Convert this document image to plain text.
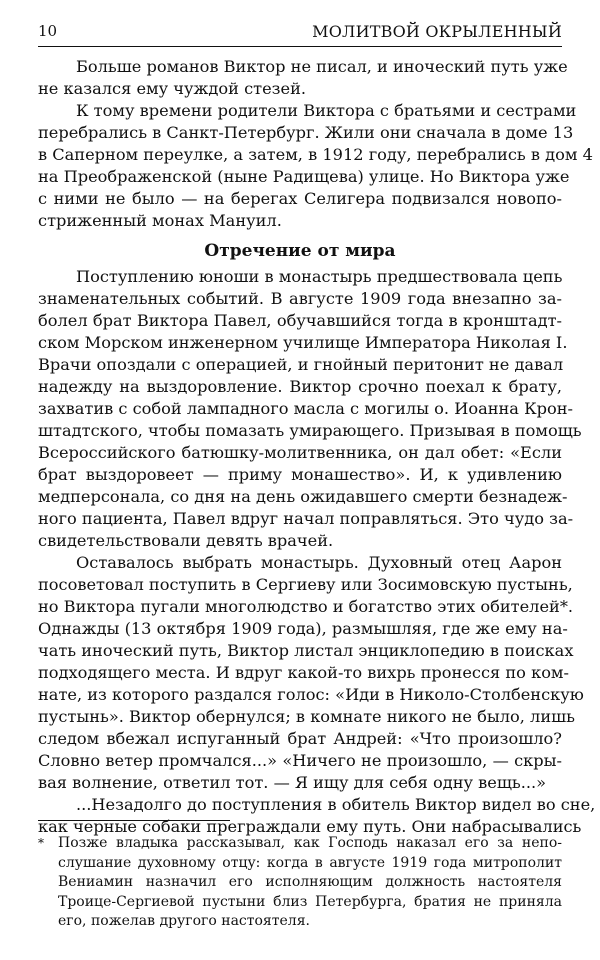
10	МОЛИТВОЙ ОКРЫЛЕННЫЙ
Больше романов Виктор не писал, и иноческий путь уже
не казался ему чуждой стезей.
К тому времени родители Виктора с братьями и сестрами
перебрались в Санкт-Петербург. Жили они сначала в доме 13
в Саперном переулке, а затем, в 1912 году, перебрались в дом 4
на Преображенской (ныне Радищева) улице. Но Виктора уже
с ними не было — на берегах Селигера подвизался новопо-
стриженный монах Мануил.
Отречение от мира
Поступлению юноши в монастырь предшествовала цепь
знаменательных событий. В августе 1909 года внезапно за-
болел брат Виктора Павел, обучавшийся тогда в кронштадт-
ском Морском инженерном училище Императора Николая I.
Врачи опоздали с операцией, и гнойный перитонит не давал
надежду на выздоровление. Виктор срочно поехал к брату,
захватив с собой лампадного масла с могилы о. Иоанна Крон-
штадтского, чтобы помазать умирающего. Призывая в помощь
Всероссийского батюшку-молитвенника, он дал обет: «Если
брат выздоровеет — приму монашество». И, к удивлению
медперсонала, со дня на день ожидавшего смерти безнадеж-
ного пациента, Павел вдруг начал поправляться. Это чудо за-
свидетельствовали девять врачей.
Оставалось выбрать монастырь. Духовный отец Аарон
посоветовал поступить в Сергиеву или Зосимовскую пустынь,
но Виктора пугали многолюдство и богатство этих обителей*.
Однажды (13 октября 1909 года), размышляя, где же ему на-
чать иноческий путь, Виктор листал энциклопедию в поисках
подходящего места. И вдруг какой-то вихрь пронесся по ком-
нате, из которого раздался голос: «Иди в Николо-Столбенскую
пустынь». Виктор обернулся; в комнате никого не было, лишь
следом вбежал испуганный брат Андрей: «Что произошло?
Словно ветер промчался...» «Ничего не произошло, — скры-
вая волнение, ответил тот. — Я ищу для себя одну вещь...»
...Незадолго до поступления в обитель Виктор видел во сне,
как черные собаки преграждали ему путь. Они набрасывались
* Позже владыка рассказывал, как Господь наказал его за непо-
слушание духовному отцу: когда в августе 1919 года митрополит
Вениамин назначил его исполняющим должность настоятеля
Троице-Сергиевой пустыни близ Петербурга, братия не приняла
его, пожелав другого настоятеля.
